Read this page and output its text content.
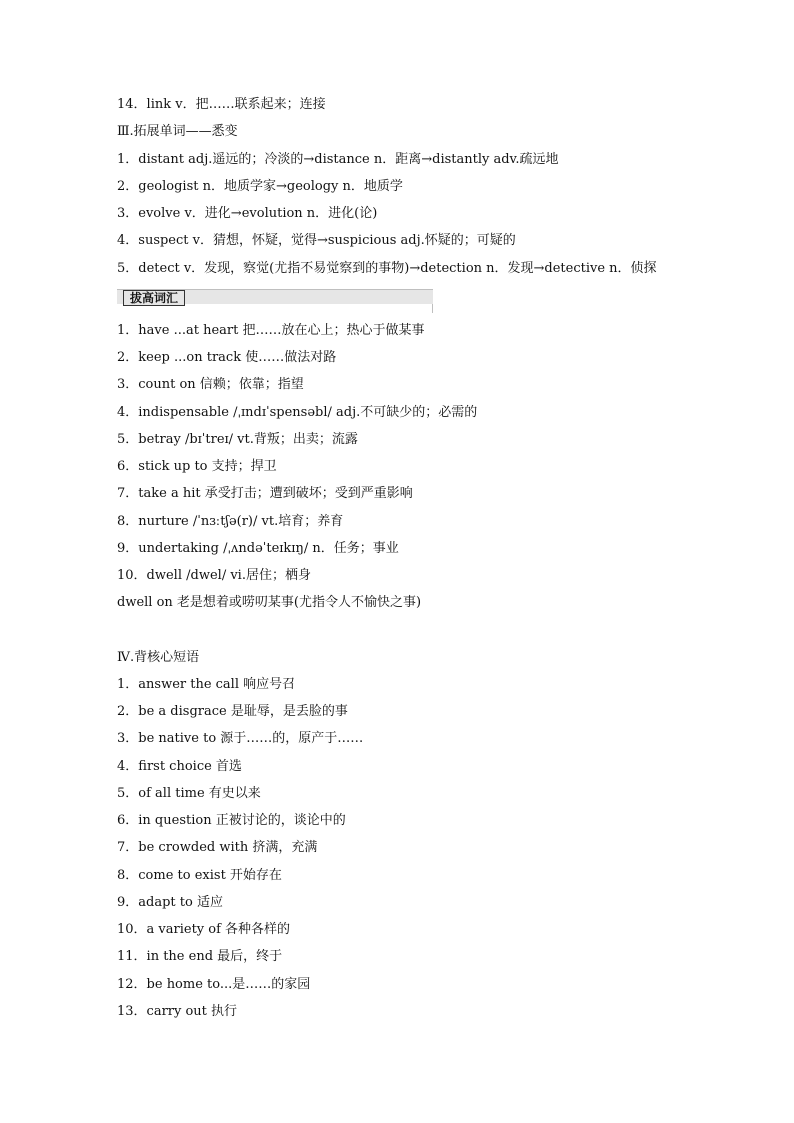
14．link v．把……联系起来；连接
Ⅲ.拓展单词——悉变
1．distant adj.遥远的；冷淡的→distance n．距离→distantly adv.疏远地
2．geologist n．地质学家→geology n．地质学
3．evolve v．进化→evolution n．进化(论)
4．suspect v．猜想，怀疑，觉得→suspicious adj.怀疑的；可疑的
5．detect v．发现，察觉(尤指不易觉察到的事物)→detection n．发现→detective n．侦探
拔高词汇
1．have ...at heart 把……放在心上；热心于做某事
2．keep ...on track 使……做法对路
3．count on 信赖；依靠；指望
4．indispensable /ˌɪndɪˈspensəbl/ adj.不可缺少的；必需的
5．betray /bɪˈtreɪ/ vt.背叛；出卖；流露
6．stick up to 支持；捍卫
7．take a hit 承受打击；遭到破坏；受到严重影响
8．nurture /ˈnɜːtʃə(r)/ vt.培育；养育
9．undertaking /ˌʌndəˈteɪkɪŋ/ n．任务；事业
10．dwell /dwel/ vi.居住；栖身
dwell on 老是想着或唠叨某事(尤指令人不愉快之事)
Ⅳ.背核心短语
1．answer the call 响应号召
2．be a disgrace 是耻辱，是丢脸的事
3．be native to 源于……的，原产于……
4．first choice 首选
5．of all time 有史以来
6．in question 正被讨论的，谈论中的
7．be crowded with 挤满，充满
8．come to exist 开始存在
9．adapt to 适应
10．a variety of 各种各样的
11．in the end 最后，终于
12．be home to...是……的家园
13．carry out 执行
